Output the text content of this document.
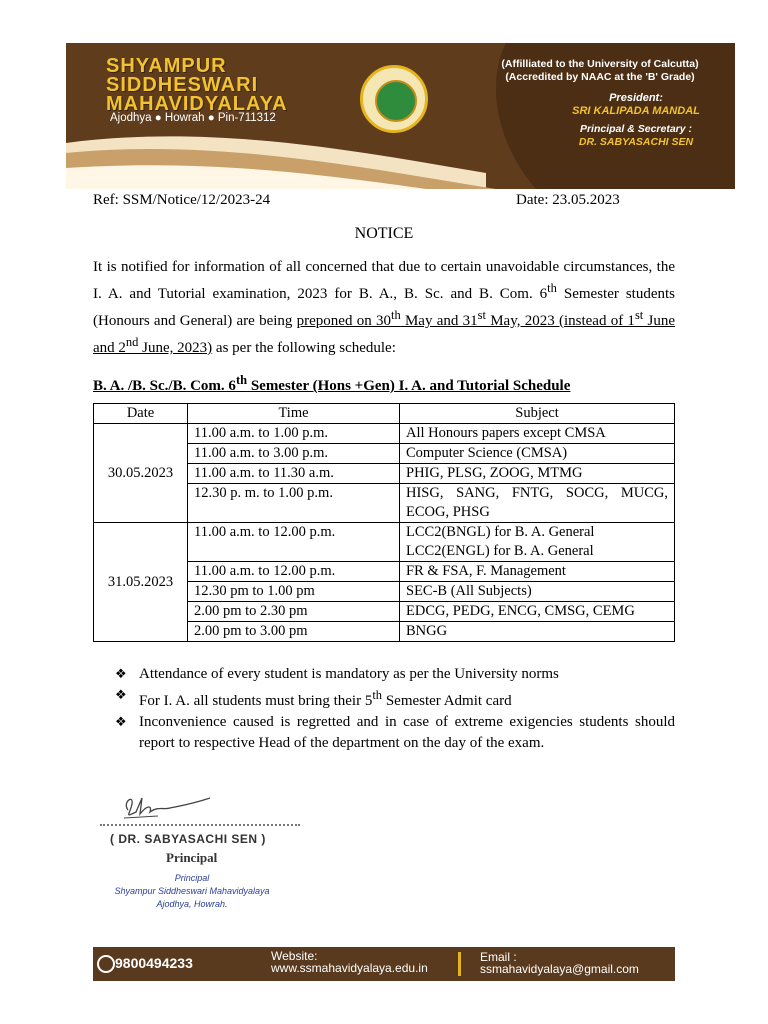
SHYAMPUR
SIDDHESWARI
MAHAVIDYALAYA
Ajodhya ● Howrah ● Pin-711312
(Affilliated to the University of Calcutta)
(Accredited by NAAC at the 'B' Grade)
President:
SRI KALIPADA MANDAL
Principal & Secretary :
DR. SABYASACHI SEN
Ref: SSM/Notice/12/2023-24	Date: 23.05.2023
NOTICE
It is notified for information of all concerned that due to certain unavoidable circumstances, the I. A. and Tutorial examination, 2023 for B. A., B. Sc. and B. Com. 6th Semester students (Honours and General) are being preponed on 30th May and 31st May, 2023 (instead of 1st June and 2nd June, 2023) as per the following schedule:
B. A. /B. Sc./B. Com. 6th Semester (Hons +Gen) I. A. and Tutorial Schedule
Date	Time	Subject
30.05.2023	11.00 a.m. to 1.00 p.m.	All Honours papers except CMSA
	11.00 a.m. to 3.00 p.m.	Computer Science (CMSA)
	11.00 a.m. to 11.30 a.m.	PHIG, PLSG, ZOOG, MTMG
	12.30 p. m. to 1.00 p.m.	HISG, SANG, FNTG, SOCG, MUCG, ECOG, PHSG
31.05.2023	11.00 a.m. to 12.00 p.m.	LCC2(BNGL) for B. A. General
LCC2(ENGL) for B. A. General

	11.00 a.m. to 12.00 p.m.	FR & FSA, F. Management
	12.30 pm to 1.00 pm	SEC-B (All Subjects)
	2.00 pm to 2.30 pm	EDCG, PEDG, ENCG, CMSG, CEMG
	2.00 pm to 3.00 pm	BNGG
❖ Attendance of every student is mandatory as per the University norms
❖ For I. A. all students must bring their 5th Semester Admit card
❖ Inconvenience caused is regretted and in case of extreme exigencies students should report to respective Head of the department on the day of the exam.
( DR. SABYASACHI SEN )
Principal
Principal
Shyampur Siddheswari Mahavidyalaya
Ajodhya, Howrah.
9800494233	Website:
www.ssmahavidyalaya.edu.in
Email :
ssmahavidyalaya@gmail.com
